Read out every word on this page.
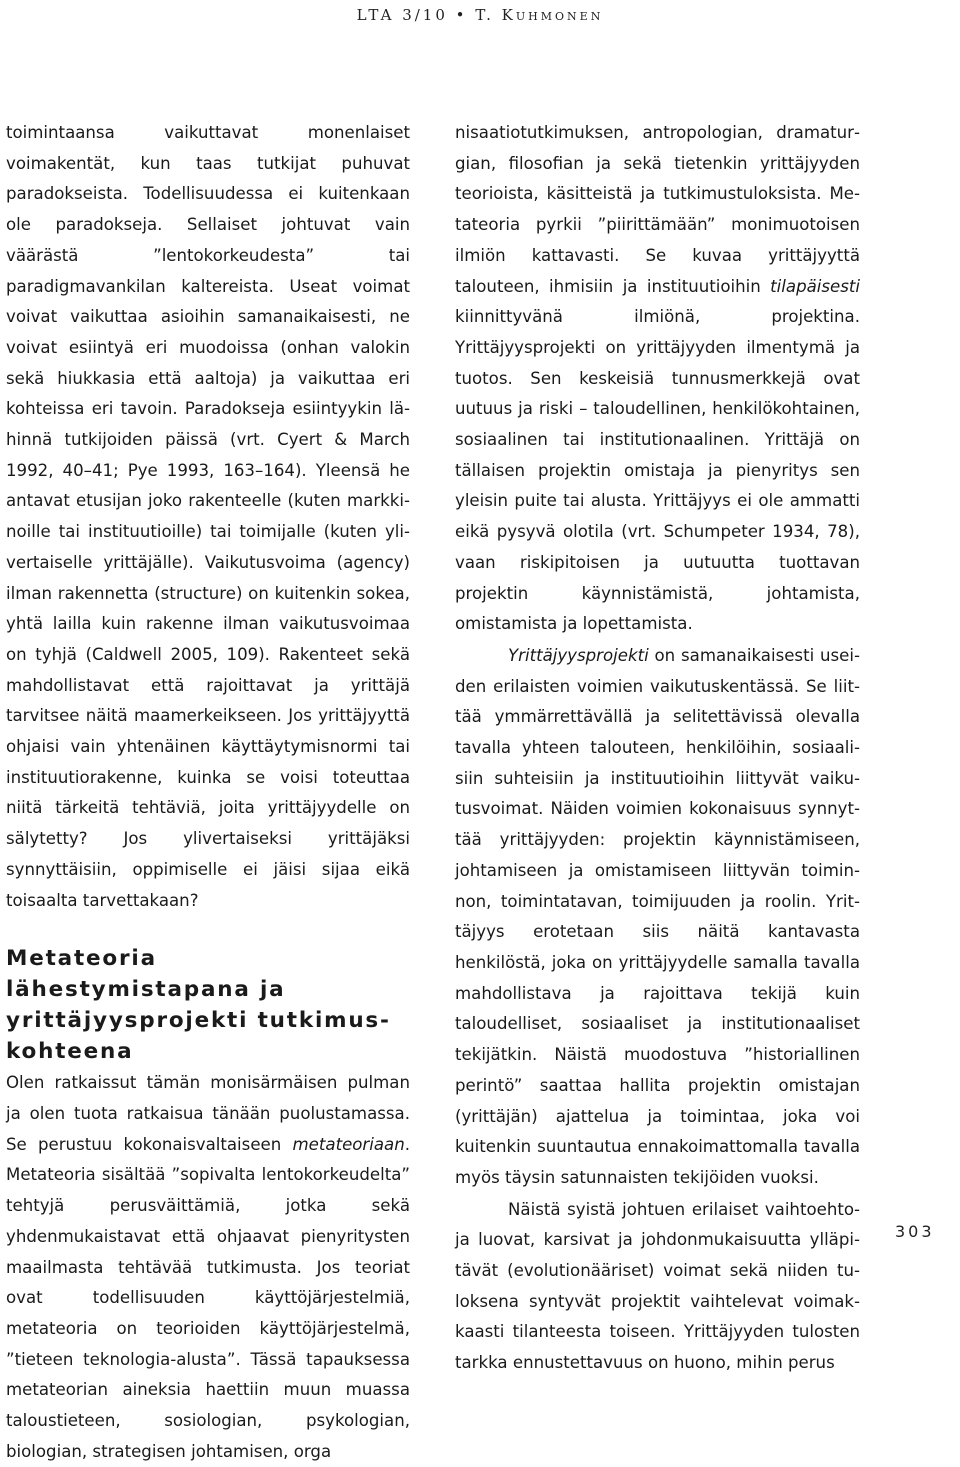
LTA 3/10 • T. KUHMONEN

toimintaansa vaikuttavat monenlaiset voimakentät, kun taas tutkijat puhuvat paradokseista. Todellisuudessa ei kuitenkaan ole paradokseja. Sellaiset johtuvat vain väärästä ”lentokorkeudesta” tai paradigmavankilan kaltereista. Useat voimat voivat vaikuttaa asioihin samanaikaisesti, ne voivat esiintyä eri muodoissa (onhan valokin sekä hiukkasia että aaltoja) ja vaikuttaa eri kohteissa eri tavoin. Paradokseja esiintyykin lähinnä tutkijoiden päissä (vrt. Cyert & March 1992, 40–41; Pye 1993, 163–164). Yleensä he antavat etusijan joko rakenteelle (kuten markkinoille tai instituutioille) tai toimijalle (kuten ylivertaiselle yrittäjälle). Vaikutusvoima (agency) ilman rakennetta (structure) on kuitenkin sokea, yhtä lailla kuin rakenne ilman vaikutusvoimaa on tyhjä (Caldwell 2005, 109). Rakenteet sekä mahdollistavat että rajoittavat ja yrittäjä tarvitsee näitä maamerkeikseen. Jos yrittäjyyttä ohjaisi vain yhtenäinen käyttäytymisnormi tai instituutiorakenne, kuinka se voisi toteuttaa niitä tärkeitä tehtäviä, joita yrittäjyydelle on sälytetty? Jos ylivertaiseksi yrittäjäksi synnyttäisiin, oppimiselle ei jäisi sijaa eikä toisaalta tarvettakaan?

Metateoria lähestymistapana ja yrittäjyysprojekti tutkimuskohteena

Olen ratkaissut tämän monisärmäisen pulman ja olen tuota ratkaisua tänään puolustamassa. Se perustuu kokonaisvaltaiseen metateoriaan. Metateoria sisältää ”sopivalta lentokorkeudelta” tehtyjä perusväittämiä, jotka sekä yhdenmukaistavat että ohjaavat pienyritysten maailmasta tehtävää tutkimusta. Jos teoriat ovat todellisuuden käyttöjärjestelmiä, metateoria on teorioiden käyttöjärjestelmä, ”tieteen teknologia-alusta”. Tässä tapauksessa metateorian aineksia haettiin muun muassa taloustieteen, sosiologian, psykologian, biologian, strategisen johtamisen, orga

nisaatiotutkimuksen, antropologian, dramaturgian, filosofian ja sekä tietenkin yrittäjyyden teorioista, käsitteistä ja tutkimustuloksista. Metateoria pyrkii ”piirittämään” monimuotoisen ilmiön kattavasti. Se kuvaa yrittäjyyttä talouteen, ihmisiin ja instituutioihin tilapäisesti kiinnittyvänä ilmiönä, projektina. Yrittäjyysprojekti on yrittäjyyden ilmentymä ja tuotos. Sen keskeisiä tunnusmerkkejä ovat uutuus ja riski – taloudellinen, henkilökohtainen, sosiaalinen tai institutionaalinen. Yrittäjä on tällaisen projektin omistaja ja pienyritys sen yleisin puite tai alusta. Yrittäjyys ei ole ammatti eikä pysyvä olotila (vrt. Schumpeter 1934, 78), vaan riskipitoisen ja uutuutta tuottavan projektin käynnistämistä, johtamista, omistamista ja lopettamista.

Yrittäjyysprojekti on samanaikaisesti useiden erilaisten voimien vaikutuskentässä. Se liittää ymmärrettävällä ja selitettävissä olevalla tavalla yhteen talouteen, henkilöihin, sosiaalisiin suhteisiin ja instituutioihin liittyvät vaikutusvoimat. Näiden voimien kokonaisuus synnyttää yrittäjyyden: projektin käynnistämiseen, johtamiseen ja omistamiseen liittyvän toiminnon, toimintatavan, toimijuuden ja roolin. Yrittäjyys erotetaan siis näitä kantavasta henkilöstä, joka on yrittäjyydelle samalla tavalla mahdollistava ja rajoittava tekijä kuin taloudelliset, sosiaaliset ja institutionaaliset tekijätkin. Näistä muodostuva ”historiallinen perintö” saattaa hallita projektin omistajan (yrittäjän) ajattelua ja toimintaa, joka voi kuitenkin suuntautua ennakoimattomalla tavalla myös täysin satunnaisten tekijöiden vuoksi.

Näistä syistä johtuen erilaiset vaihtoehtoja luovat, karsivat ja johdonmukaisuutta ylläpitävät (evolutionääriset) voimat sekä niiden tuloksena syntyvät projektit vaihtelevat voimakkaasti tilanteesta toiseen. Yrittäjyyden tulosten tarkka ennustettavuus on huono, mihin perus

303
